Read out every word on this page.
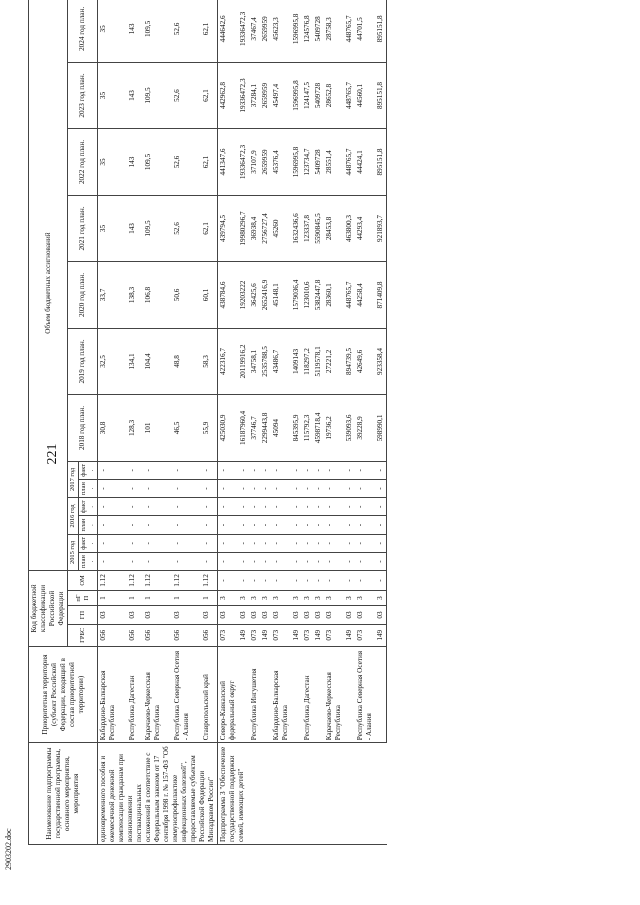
221
2903202.doc
Наименование подпрограммы государственной программы, основного мероприятия, мероприятия	Приоритетная территория (субъект Российской Федерации, входящий в состав приоритетной территории)	Код бюджетной классификации Российской Федерации				Объем бюджетных ассигнований												
		ГРБС	ГП	пГП	ОМ	2015 год		2016 год		2017 год		2018 год план.	2019 год план.	2020 год план.	2021 год план.	2022 год план.	2023 год план.	2024 год план.
						план.	факт.	план.	факт.	план.	факт.							
единовременного пособия и ежемесячной денежной компенсации гражданам при возникновении поствакцинальных осложнений в соответствие с Федеральным законом от 17 сентября 1998 г. № 157-ФЗ "Об иммунопрофилактике инфекционных болезней", предоставляемые субъектам Российской Федерации Минздравом России"	Кабардино-Балкарская Республика	056	03	1	1.12	-	-	-	-	-	-	30,8	32,5	33,7	35	35	35	35
	Республика Дагестан	056	03	1	1.12	-	-	-	-	-	-	128,3	134,1	138,3	143	143	143	143
	Карачаево-Черкесская Республика	056	03	1	1.12	-	-	-	-	-	-	101	104,4	106,8	109,5	109,5	109,5	109,5
	Республика Северная Осетия - Алания	056	03	1	1.12	-	-	-	-	-	-	46,5	48,8	50,6	52,6	52,6	52,6	52,6
	Ставропольский край	056	03	1	1.12	-	-	-	-	-	-	55,9	58,3	60,1	62,1	62,1	62,1	62,1
Подпрограмма 3 "Обеспечение государственной поддержки семей, имеющих детей"	Северо-Кавказский федеральный округ	073	03	3	-	-	-	-	-	-	-	425030,9	422316,7	438784,6	439794,5	441347,6	442962,8	444642,6
		149	03	3	-	-	-	-	-	-	-	16187960,4	20119916,2	19203222	19980296,7	19336472,3	19336472,3	19336472,3
	Республика Ингушетия	073	03	3	-	-	-	-	-	-	-	37746,7	34758,1	36425,6	36938,4	37107,9	37284,1	37467,4
		149	03	3	-	-	-	-	-	-	-	2299443,8	2535788,5	2652416,9	2756727,4	2659959	2659959	2659959
	Кабардино-Балкарская Республика	073	03	3	-	-	-	-	-	-	-	45094	43486,7	45148,1	45260	45376,4	45497,4	45623,3
		149	03	3	-	-	-	-	-	-	-	845395,9	1409143	1579036,4	1632436,6	1596995,8	1596995,8	1596995,8
	Республика Дагестан	073	03	3	-	-	-	-	-	-	-	115792,3	118297,2	123010,6	123337,8	123734,7	124147,5	124576,8
		149	03	3	-	-	-	-	-	-	-	4598718,4	5119578,1	5382447,8	5590845,5	5409728	5409728	5409728
	Карачаево-Черкесская Республика	073	03	3	-	-	-	-	-	-	-	19736,2	27221,2	28360,1	28453,8	28551,4	28652,8	28758,3
		149	03	3	-	-	-	-	-	-	-	539093,6	894739,5	448765,7	463800,3	448765,7	448765,7	448765,7
	Республика Северная Осетия - Алания	073	03	3	-	-	-	-	-	-	-	39228,9	42649,6	44258,4	44293,4	44424,1	44560,1	44701,5
		149	03	3	-	-	-	-	-	-	-	598990,1	923358,4	871409,8	921893,7	895151,8	895151,8	895151,8
